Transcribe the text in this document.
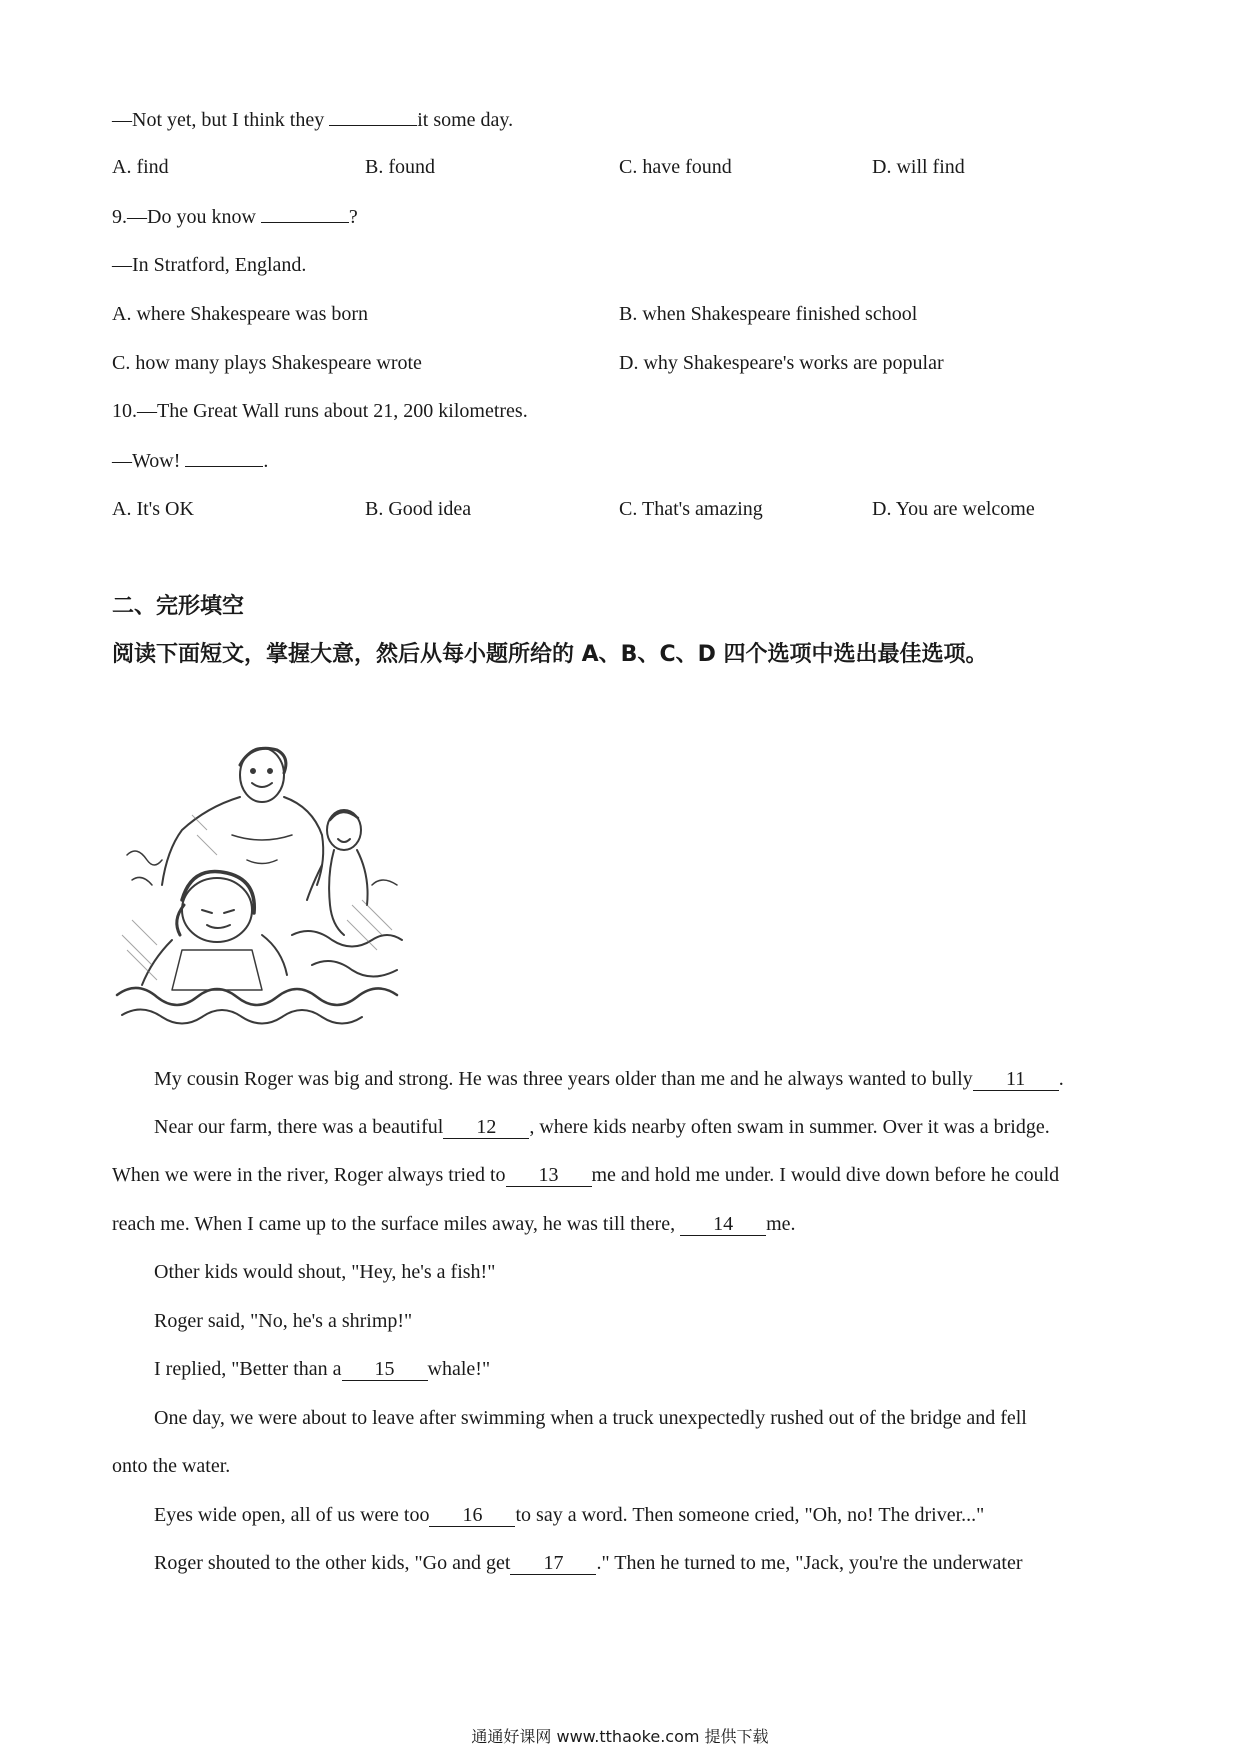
—Not yet, but I think they	it some day.
A. find	B. found	C. have found	D. will find
9.—Do you know	?
—In Stratford, England.
A. where Shakespeare was born	B. when Shakespeare finished school
C. how many plays Shakespeare wrote	D. why Shakespeare's works are popular
10.—The Great Wall runs about 21, 200 kilometres.
—Wow!	.
A. It's OK	B. Good idea	C. That's amazing	D. You are welcome
二、完形填空
阅读下面短文，掌握大意，然后从每小题所给的 A、B、C、D 四个选项中选出最佳选项。
My cousin Roger was big and strong. He was three years older than me and he always wanted to bully 11 .
Near our farm, there was a beautiful 12 , where kids nearby often swam in summer. Over it was a bridge.
When we were in the river, Roger always tried to 13 me and hold me under. I would dive down before he could
reach me. When I came up to the surface miles away, he was till there, 14 me.
Other kids would shout, "Hey, he's a fish!"
Roger said, "No, he's a shrimp!"
I replied, "Better than a 15 whale!"
One day, we were about to leave after swimming when a truck unexpectedly rushed out of the bridge and fell
onto the water.
Eyes wide open, all of us were too 16 to say a word. Then someone cried, "Oh, no! The driver..."
Roger shouted to the other kids, "Go and get 17 ." Then he turned to me, "Jack, you're the underwater
通通好课网 www.tthaoke.com 提供下载
